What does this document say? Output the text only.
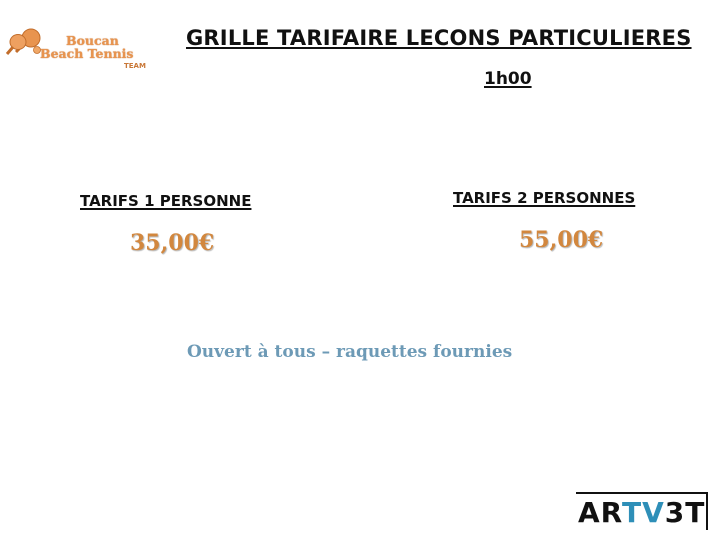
Boucan
Beach Tennis
TEAM
GRILLE TARIFAIRE LECONS PARTICULIERES
1h00
TARIFS 1 PERSONNE
35,00€
TARIFS 2 PERSONNES
55,00€
Ouvert à tous – raquettes fournies
ARTV3T
